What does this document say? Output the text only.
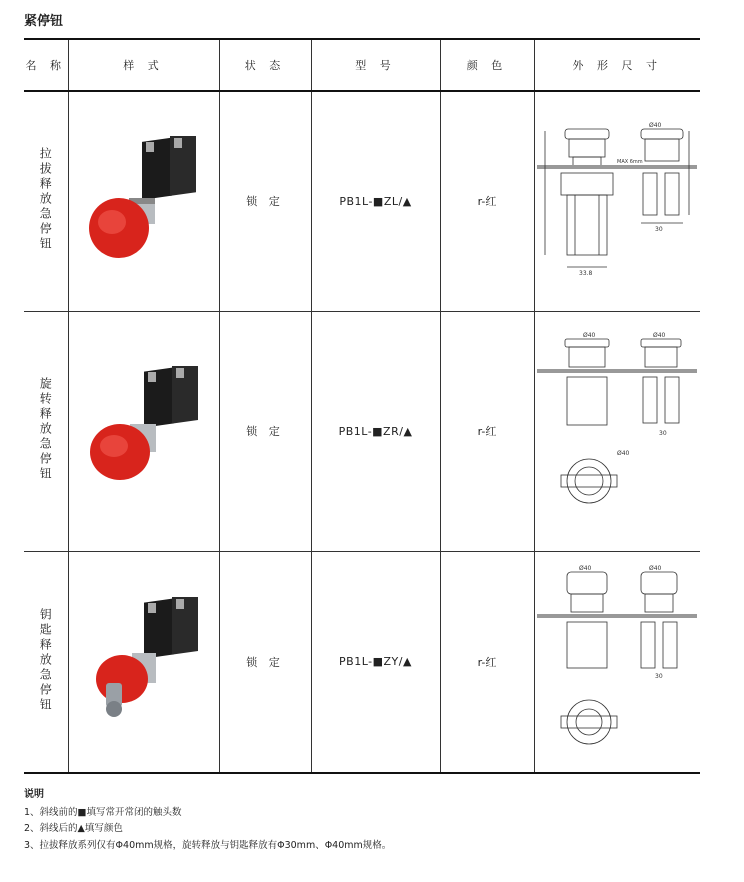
紧停钮
名 称	样 式	状 态	型 号	颜 色	外 形 尺 寸
拉拔释放急停钮		锁 定	PB1L-■ZL/▲	r-红	Ø40
MAX 6mm
33.8
30

旋转释放急停钮		锁 定	PB1L-■ZR/▲	r-红	Ø40 Ø40
Ø40
30

钥匙释放急停钮		锁 定	PB1L-■ZY/▲	r-红	Ø40 Ø40
30
说明
1、斜线前的■填写常开常闭的触头数
2、斜线后的▲填写颜色
3、拉拔释放系列仅有Φ40mm规格，旋转释放与钥匙释放有Φ30mm、Φ40mm规格。
